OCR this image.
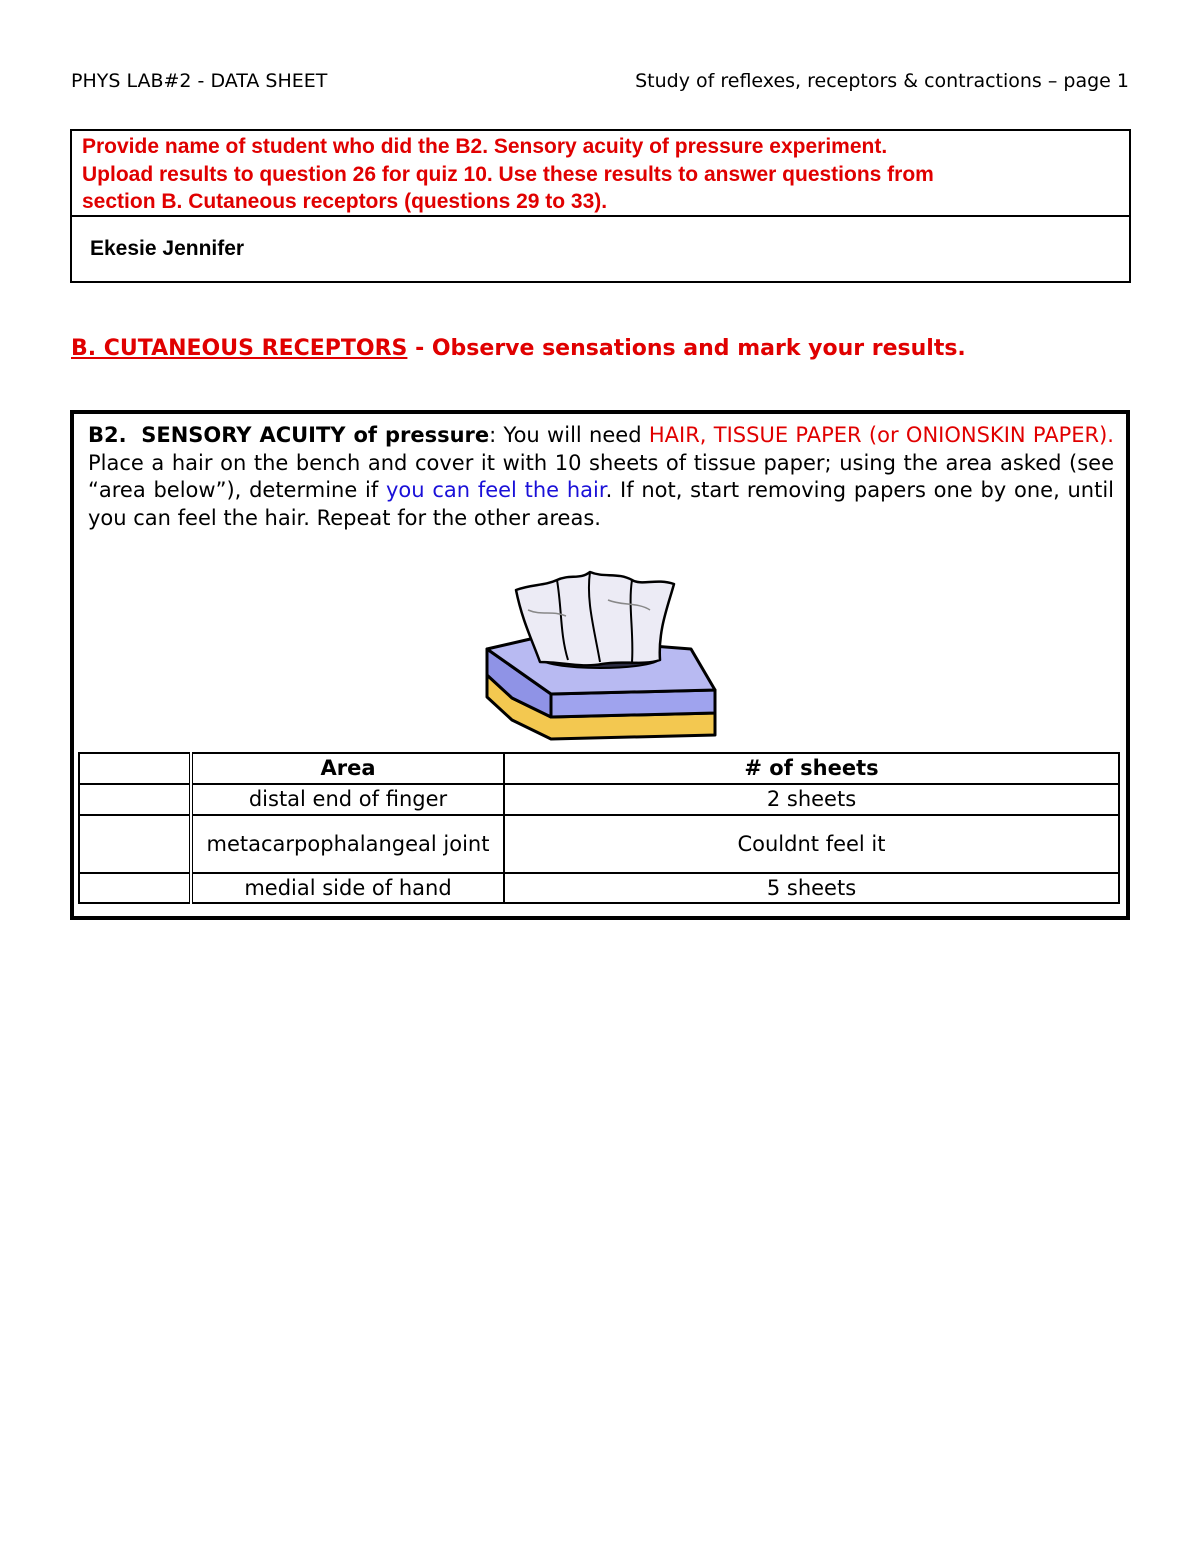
PHYS LAB#2 - DATA SHEET	Study of reflexes, receptors & contractions – page 1
Provide name of student who did the B2. Sensory acuity of pressure experiment.
Upload results to question 26 for quiz 10. Use these results to answer questions from
section B. Cutaneous receptors (questions 29 to 33).
Ekesie Jennifer
B. CUTANEOUS RECEPTORS - Observe sensations and mark your results.
B2. SENSORY ACUITY of pressure: You will need HAIR, TISSUE PAPER (or ONIONSKIN PAPER). Place a hair on the bench and cover it with 10 sheets of tissue paper; using the area asked (see “area below”), determine if you can feel the hair. If not, start removing papers one by one, until you can feel the hair. Repeat for the other areas.
	Area	# of sheets
	distal end of finger	2 sheets
	metacarpophalangeal joint	Couldnt feel it
	medial side of hand	5 sheets
